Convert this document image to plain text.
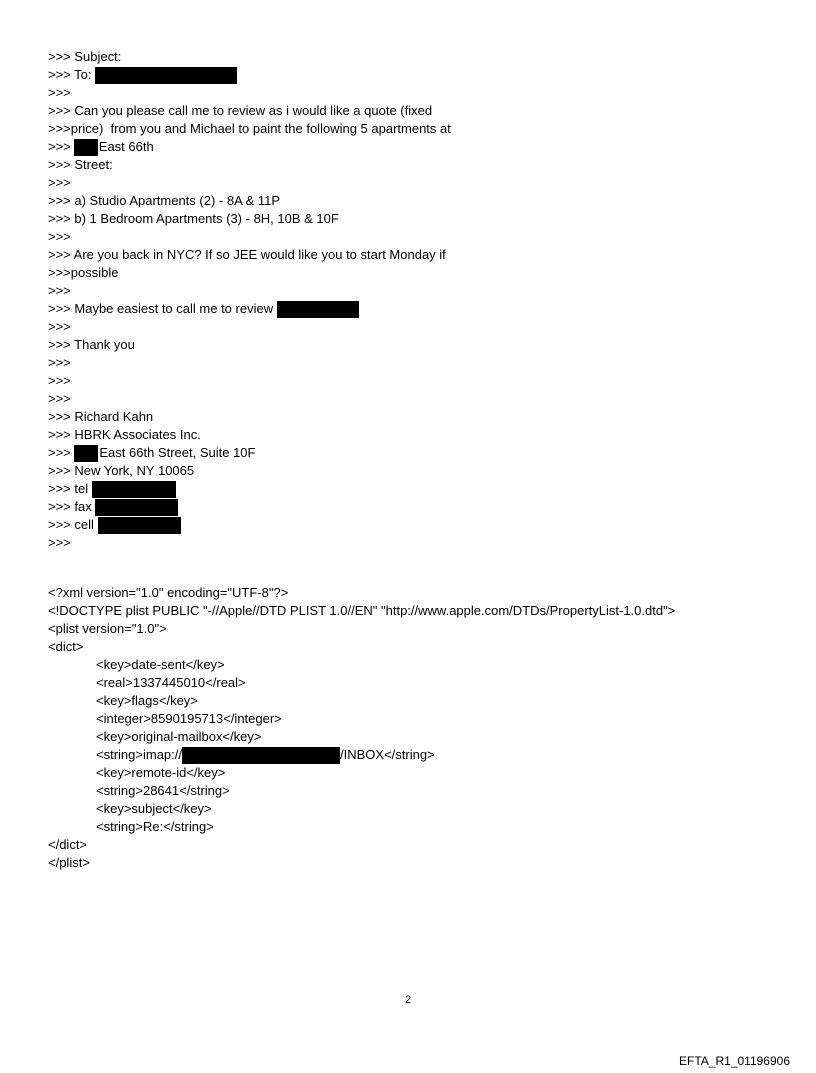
>>> Subject:
>>> To:
>>>
>>> Can you please call me to review as i would like a quote (fixed
>>>price)  from you and Michael to paint the following 5 apartments at
>>> East 66th
>>> Street:
>>>
>>> a) Studio Apartments (2) - 8A & 11P
>>> b) 1 Bedroom Apartments (3) - 8H, 10B & 10F
>>>
>>> Are you back in NYC? If so JEE would like you to start Monday if
>>>possible
>>>
>>> Maybe easiest to call me to review
>>>
>>> Thank you
>>>
>>>
>>>
>>> Richard Kahn
>>> HBRK Associates Inc.
>>> East 66th Street, Suite 10F
>>> New York, NY 10065
>>> tel
>>> fax
>>> cell
>>>
<?xml version="1.0" encoding="UTF-8"?>
<!DOCTYPE plist PUBLIC "-//Apple//DTD PLIST 1.0//EN" "http://www.apple.com/DTDs/PropertyList-1.0.dtd">
<plist version="1.0">
<dict>
<key>date-sent</key>
<real>1337445010</real>
<key>flags</key>
<integer>8590195713</integer>
<key>original-mailbox</key>
<string>imap://	/INBOX</string>
<key>remote-id</key>
<string>28641</string>
<key>subject</key>
<string>Re:</string>
</dict>
</plist>
2
EFTA_R1_01196906
